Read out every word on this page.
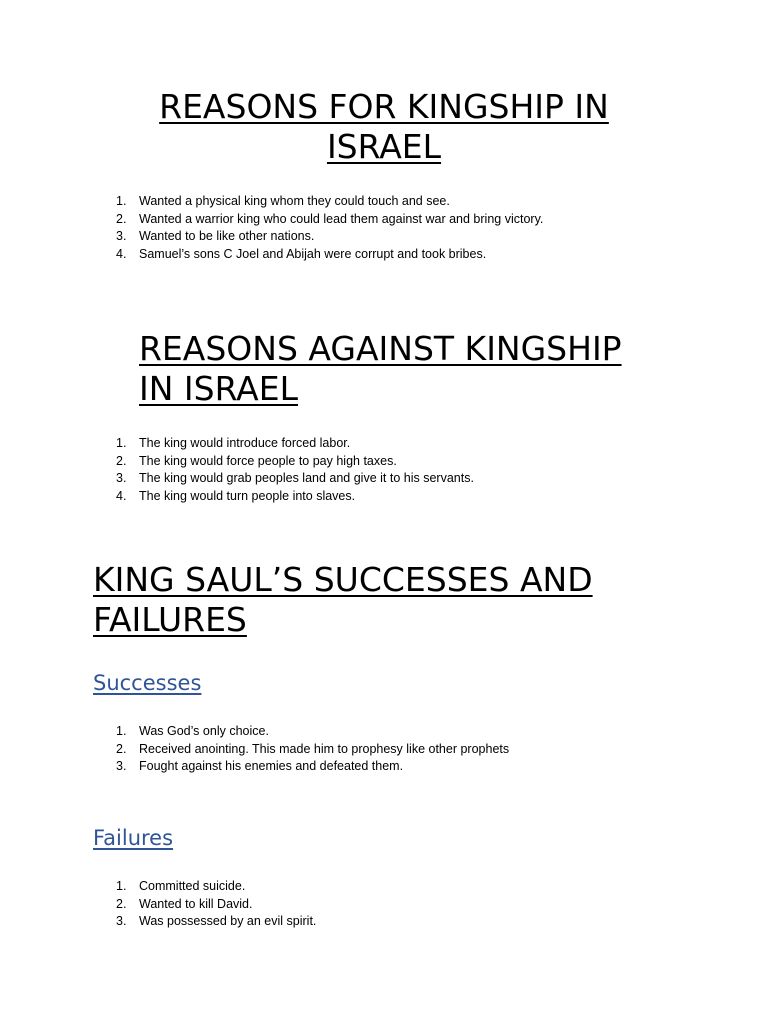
REASONS FOR KINGSHIP IN
ISRAEL
1. Wanted a physical king whom they could touch and see.
2. Wanted a warrior king who could lead them against war and bring victory.
3. Wanted to be like other nations.
4. Samuel’s sons C Joel and Abijah were corrupt and took bribes.
REASONS AGAINST KINGSHIP
IN ISRAEL
1. The king would introduce forced labor.
2. The king would force people to pay high taxes.
3. The king would grab peoples land and give it to his servants.
4. The king would turn people into slaves.
KING SAUL’S SUCCESSES AND
FAILURES
Successes
1. Was God’s only choice.
2. Received anointing. This made him to prophesy like other prophets
3. Fought against his enemies and defeated them.
Failures
1. Committed suicide.
2. Wanted to kill David.
3. Was possessed by an evil spirit.
